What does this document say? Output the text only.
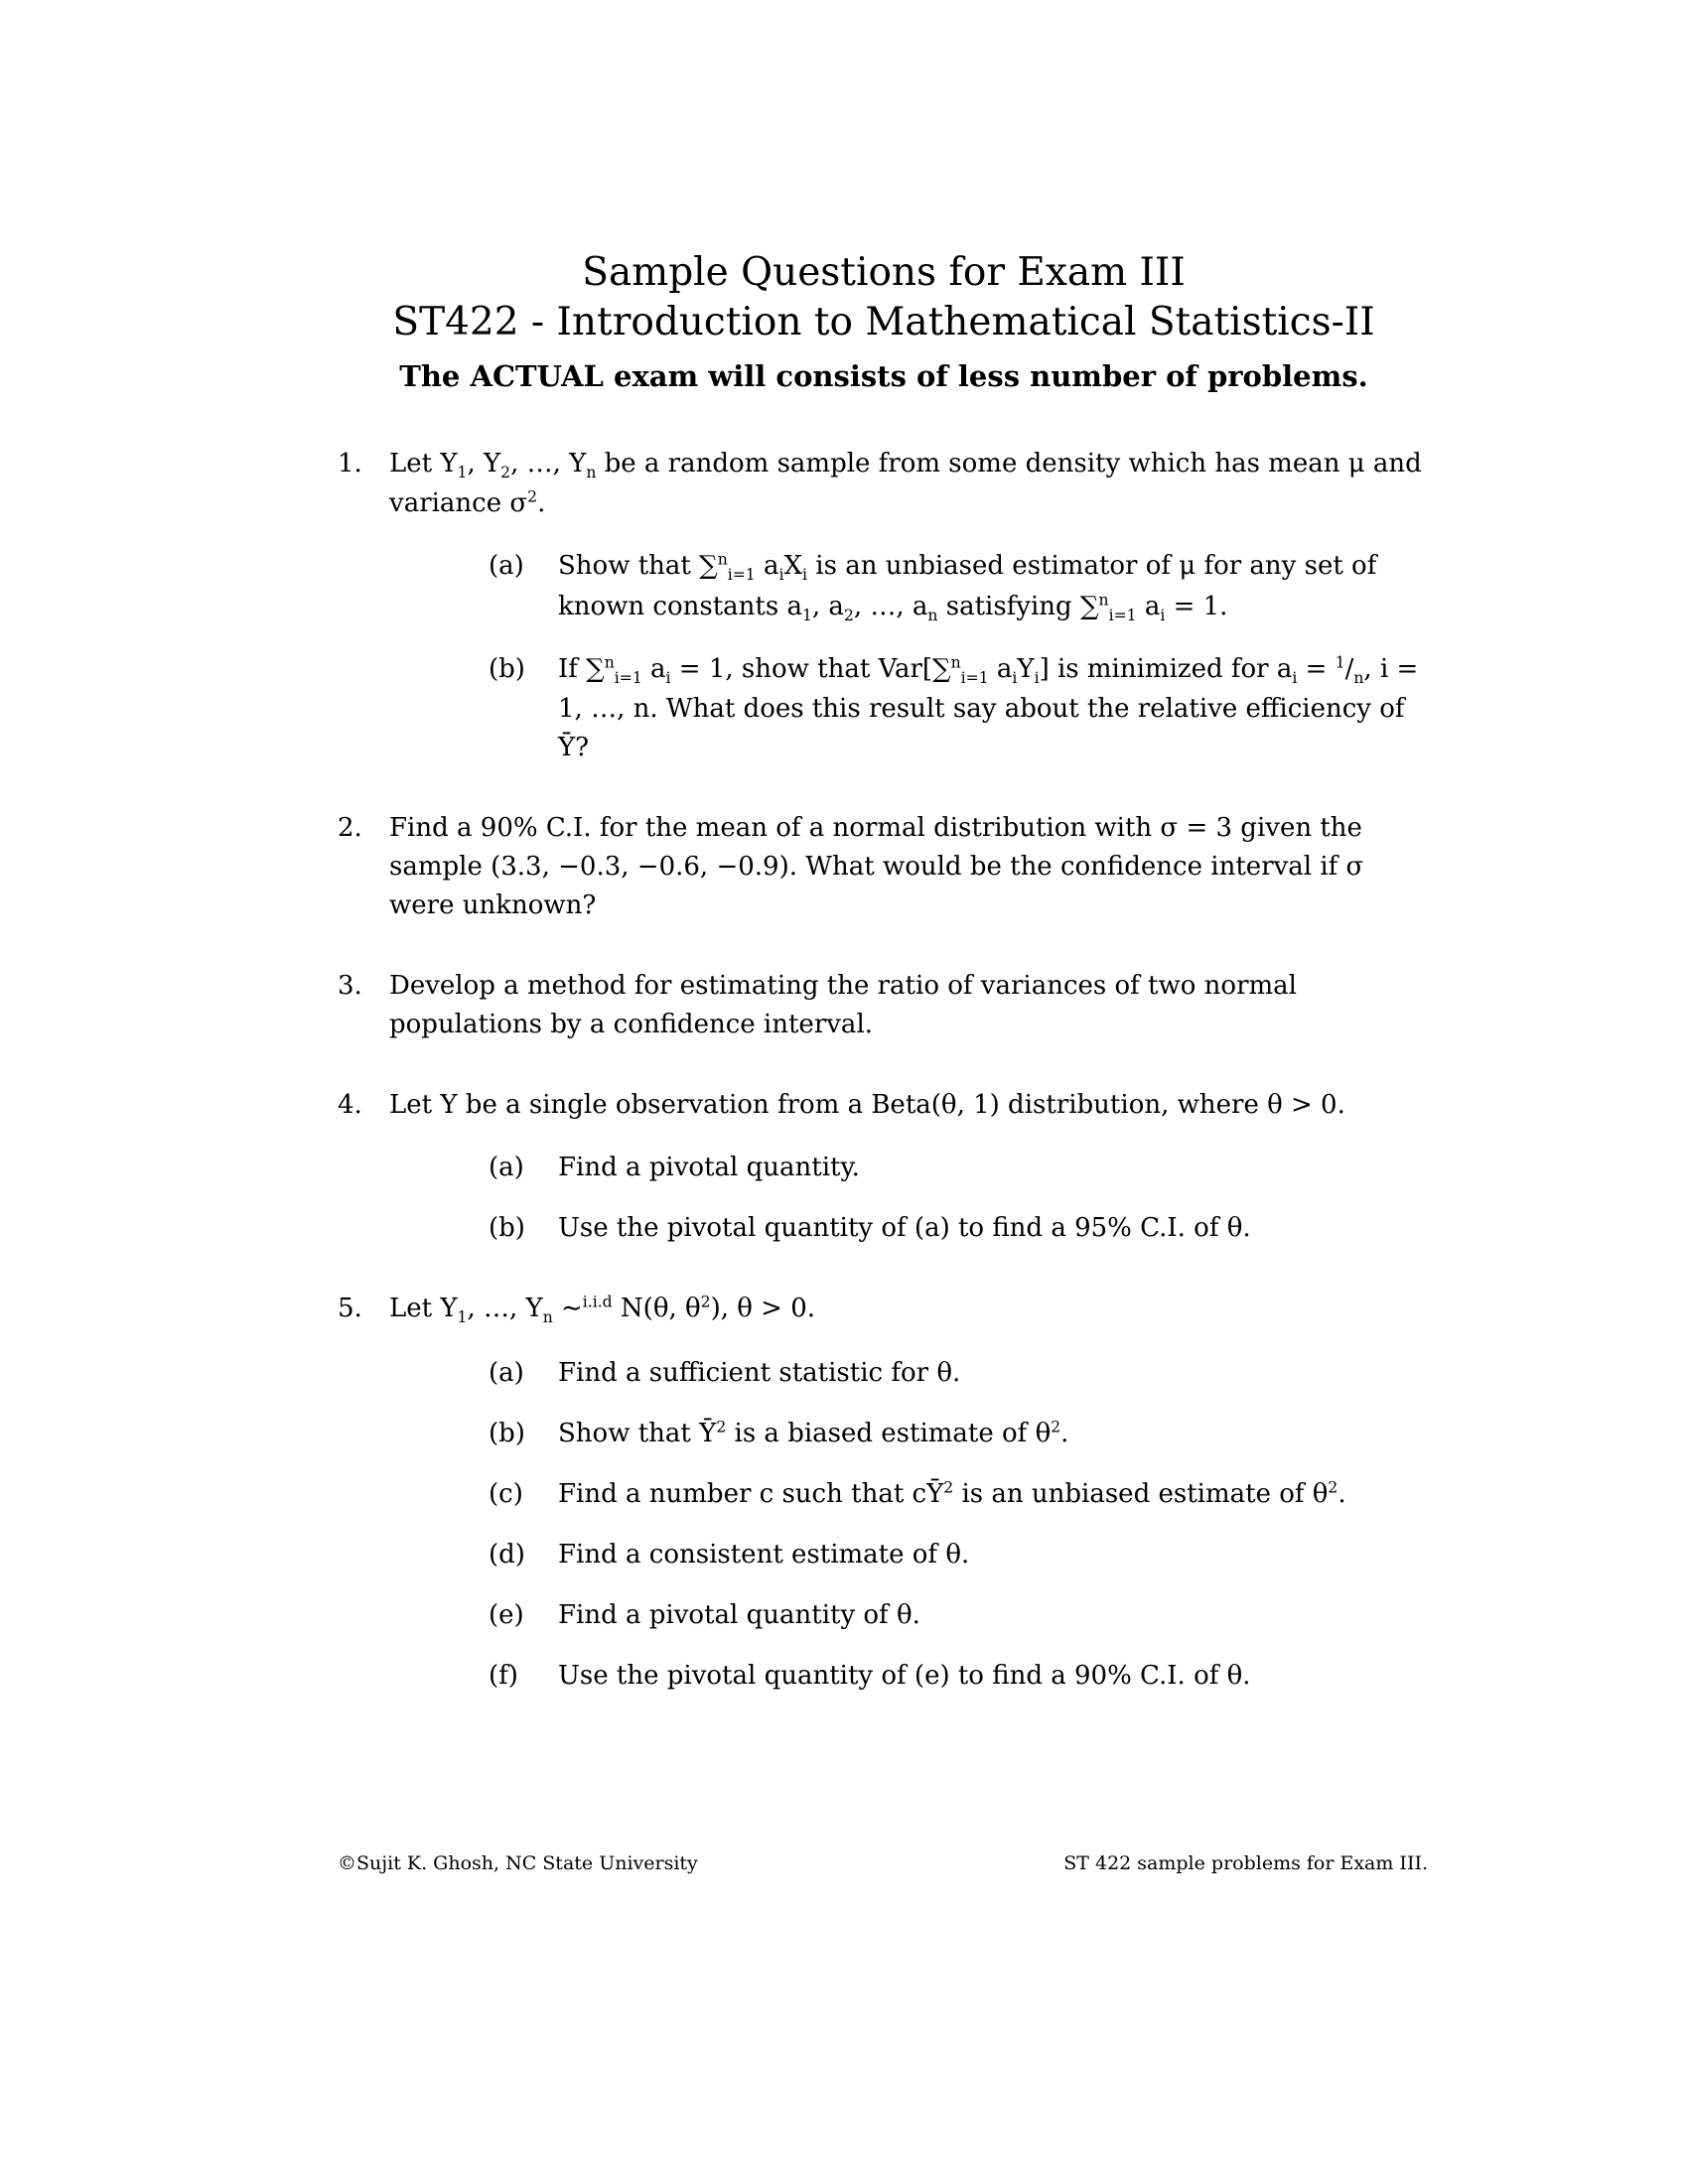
Sample Questions for Exam III
ST422 - Introduction to Mathematical Statistics-II
The ACTUAL exam will consists of less number of problems.
1.	Let $Y_1$, $Y_2$, …, $Y_n$ be a random sample from some density which has mean μ and variance $\sigma^2$.
(a)	Show that ∑$^n_{i=1}$ $a_iX_i$ is an unbiased estimator of μ for any set of known constants $a_1$, $a_2$, …, $a_n$ satisfying ∑$^n_{i=1}$ $a_i = 1$.
(b)	If ∑$^n_{i=1}$ $a_i = 1$, show that Var[∑$^n_{i=1}$ $a_iY_i$] is minimized for $a_i = ^1/_n$, i = 1, …, n. What does this result say about the relative efficiency of Ȳ?
2.	Find a 90% C.I. for the mean of a normal distribution with σ = 3 given the sample (3.3, −0.3, −0.6, −0.9). What would be the confidence interval if σ were unknown?
3.	Develop a method for estimating the ratio of variances of two normal populations by a confidence interval.
4.	Let Y be a single observation from a Beta(θ, 1) distribution, where θ > 0.
(a)	Find a pivotal quantity.
(b)	Use the pivotal quantity of (a) to find a 95% C.I. of θ.
5.	Let $Y_1$, …, $Y_n$ ∼$^{i.i.d}$ N(θ, $\theta^2$), θ > 0.
(a)	Find a sufficient statistic for θ.
(b)	Show that Ȳ$^2$ is a biased estimate of $\theta^2$.
(c)	Find a number c such that cȲ$^2$ is an unbiased estimate of $\theta^2$.
(d)	Find a consistent estimate of θ.
(e)	Find a pivotal quantity of θ.
(f)	Use the pivotal quantity of (e) to find a 90% C.I. of θ.
©Sujit K. Ghosh, NC State University	ST 422 sample problems for Exam III.
